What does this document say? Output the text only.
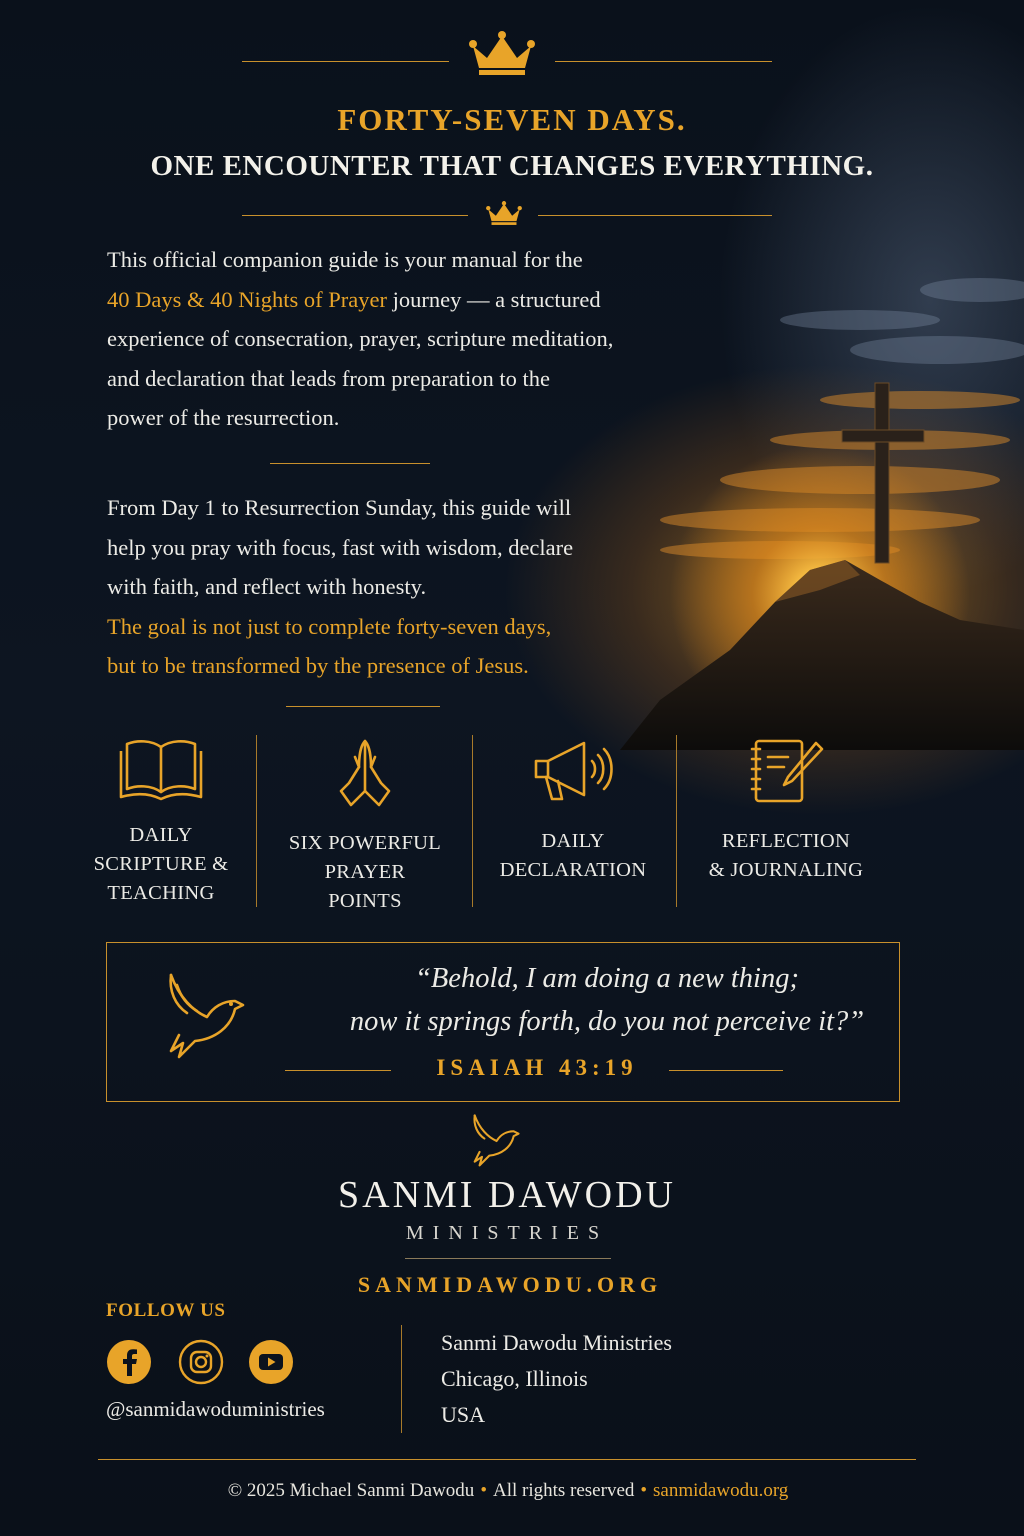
FORTY-SEVEN DAYS.
ONE ENCOUNTER THAT CHANGES EVERYTHING.
This official companion guide is your manual for the
40 Days & 40 Nights of Prayer journey — a structured
experience of consecration, prayer, scripture meditation,
and declaration that leads from preparation to the
power of the resurrection.
From Day 1 to Resurrection Sunday, this guide will
help you pray with focus, fast with wisdom, declare
with faith, and reflect with honesty.
The goal is not just to complete forty-seven days,
but to be transformed by the presence of Jesus.
DAILY
SCRIPTURE &
TEACHING
SIX POWERFUL
PRAYER
POINTS
DAILY
DECLARATION
REFLECTION
& JOURNALING
“Behold, I am doing a new thing;
now it springs forth, do you not perceive it?”
ISAIAH 43:19
SANMI DAWODU
MINISTRIES
SANMIDAWODU.ORG
FOLLOW US
@sanmidawoduministries
Sanmi Dawodu Ministries
Chicago, Illinois
USA
© 2025 Michael Sanmi Dawodu • All rights reserved • sanmidawodu.org
